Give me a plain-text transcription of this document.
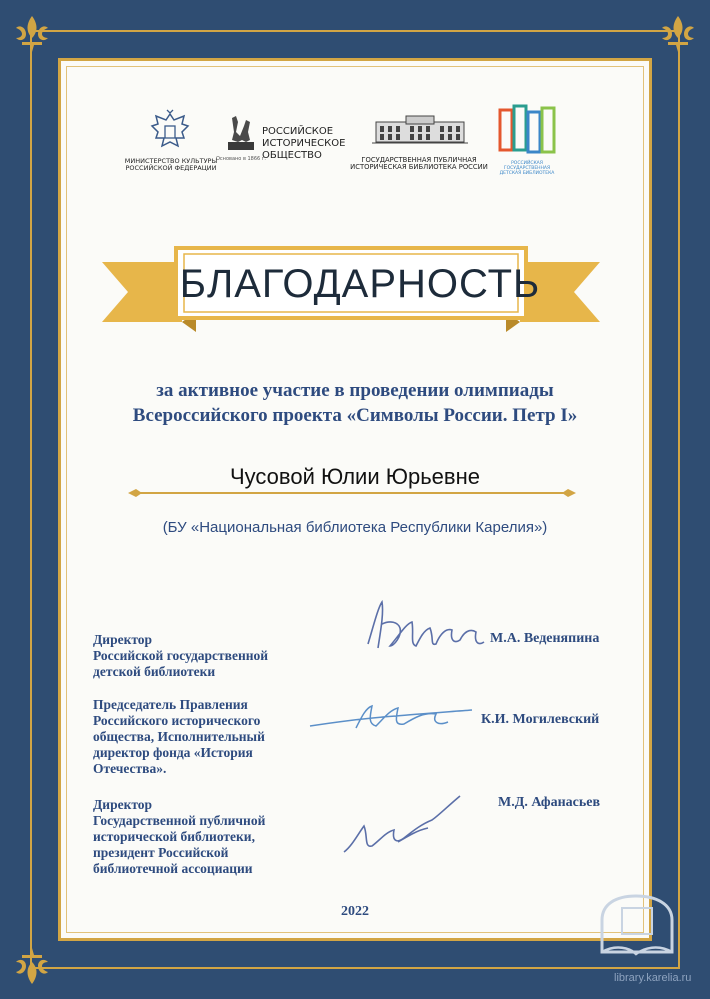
МИНИСТЕРСТВО КУЛЬТУРЫ
РОССИЙСКОЙ ФЕДЕРАЦИИ
Основано в 1866 г.
РОССИЙСКОЕ
ИСТОРИЧЕСКОЕ
ОБЩЕСТВО	ГОСУДАРСТВЕННАЯ ПУБЛИЧНАЯ
ИСТОРИЧЕСКАЯ БИБЛИОТЕКА РОССИИ	РОССИЙСКАЯ ГОСУДАРСТВЕННАЯ
ДЕТСКАЯ БИБЛИОТЕКА
БЛАГОДАРНОСТЬ
за активное участие в проведении олимпиады
Всероссийского проекта «Символы России. Петр I»
Чусовой Юлии Юрьевне
(БУ «Национальная библиотека Республики Карелия»)
Директор
Российской государственной
детской библиотеки
М.А. Веденяпина
Председатель Правления
Российского исторического
общества, Исполнительный
директор фонда «История
Отечества».
К.И. Могилевский
Директор
Государственной публичной
исторической библиотеки,
президент Российской
библиотечной ассоциации
М.Д. Афанасьев
2022
library.karelia.ru
